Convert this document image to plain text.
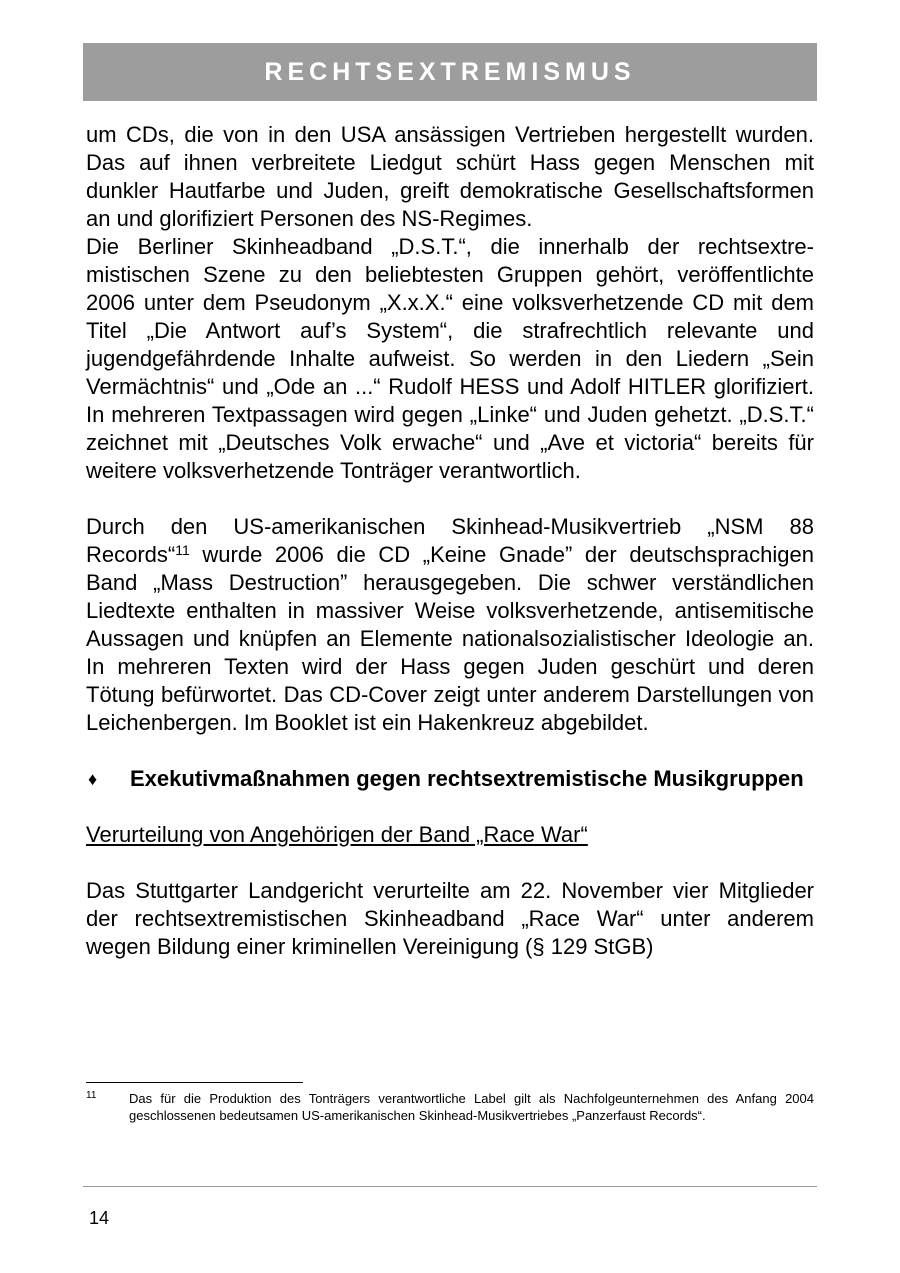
RECHTSEXTREMISMUS

um CDs, die von in den USA ansässigen Vertrieben hergestellt wurden. Das auf ihnen verbreitete Liedgut schürt Hass gegen Menschen mit dunkler Hautfarbe und Juden, greift demokratische Gesellschaftsformen an und glorifiziert Personen des NS-Regimes.

Die Berliner Skinheadband „D.S.T.“, die innerhalb der rechtsextremistischen Szene zu den beliebtesten Gruppen gehört, veröffentlichte 2006 unter dem Pseudonym „X.x.X.“ eine volksverhetzende CD mit dem Titel „Die Antwort auf’s System“, die strafrechtlich relevante und jugendgefährdende Inhalte aufweist. So werden in den Liedern „Sein Vermächtnis“ und „Ode an ...“ Rudolf HESS und Adolf HITLER glorifiziert. In mehreren Textpassagen wird gegen „Linke“ und Juden gehetzt. „D.S.T.“ zeichnet mit „Deutsches Volk erwache“ und „Ave et victoria“ bereits für weitere volksverhetzende Tonträger verantwortlich.

Durch den US-amerikanischen Skinhead-Musikvertrieb „NSM 88 Records“$^{11}$ wurde 2006 die CD „Keine Gnade” der deutschsprachigen Band „Mass Destruction” herausgegeben. Die schwer verständlichen Liedtexte enthalten in massiver Weise volksverhetzende, antisemitische Aussagen und knüpfen an Elemente nationalsozialistischer Ideologie an. In mehreren Texten wird der Hass gegen Juden geschürt und deren Tötung befürwortet. Das CD-Cover zeigt unter anderem Darstellungen von Leichenbergen. Im Booklet ist ein Hakenkreuz abgebildet.

♦	Exekutivmaßnahmen gegen rechtsextremistische Musikgruppen

Verurteilung von Angehörigen der Band „Race War“

Das Stuttgarter Landgericht verurteilte am 22. November vier Mitglieder der rechtsextremistischen Skinheadband „Race War“ unter anderem wegen Bildung einer kriminellen Vereinigung (§ 129 StGB)

11	Das für die Produktion des Tonträgers verantwortliche Label gilt als Nachfolgeunternehmen des Anfang 2004 geschlossenen bedeutsamen US-amerikanischen Skinhead-Musikvertriebes „Panzerfaust Records“.
14
